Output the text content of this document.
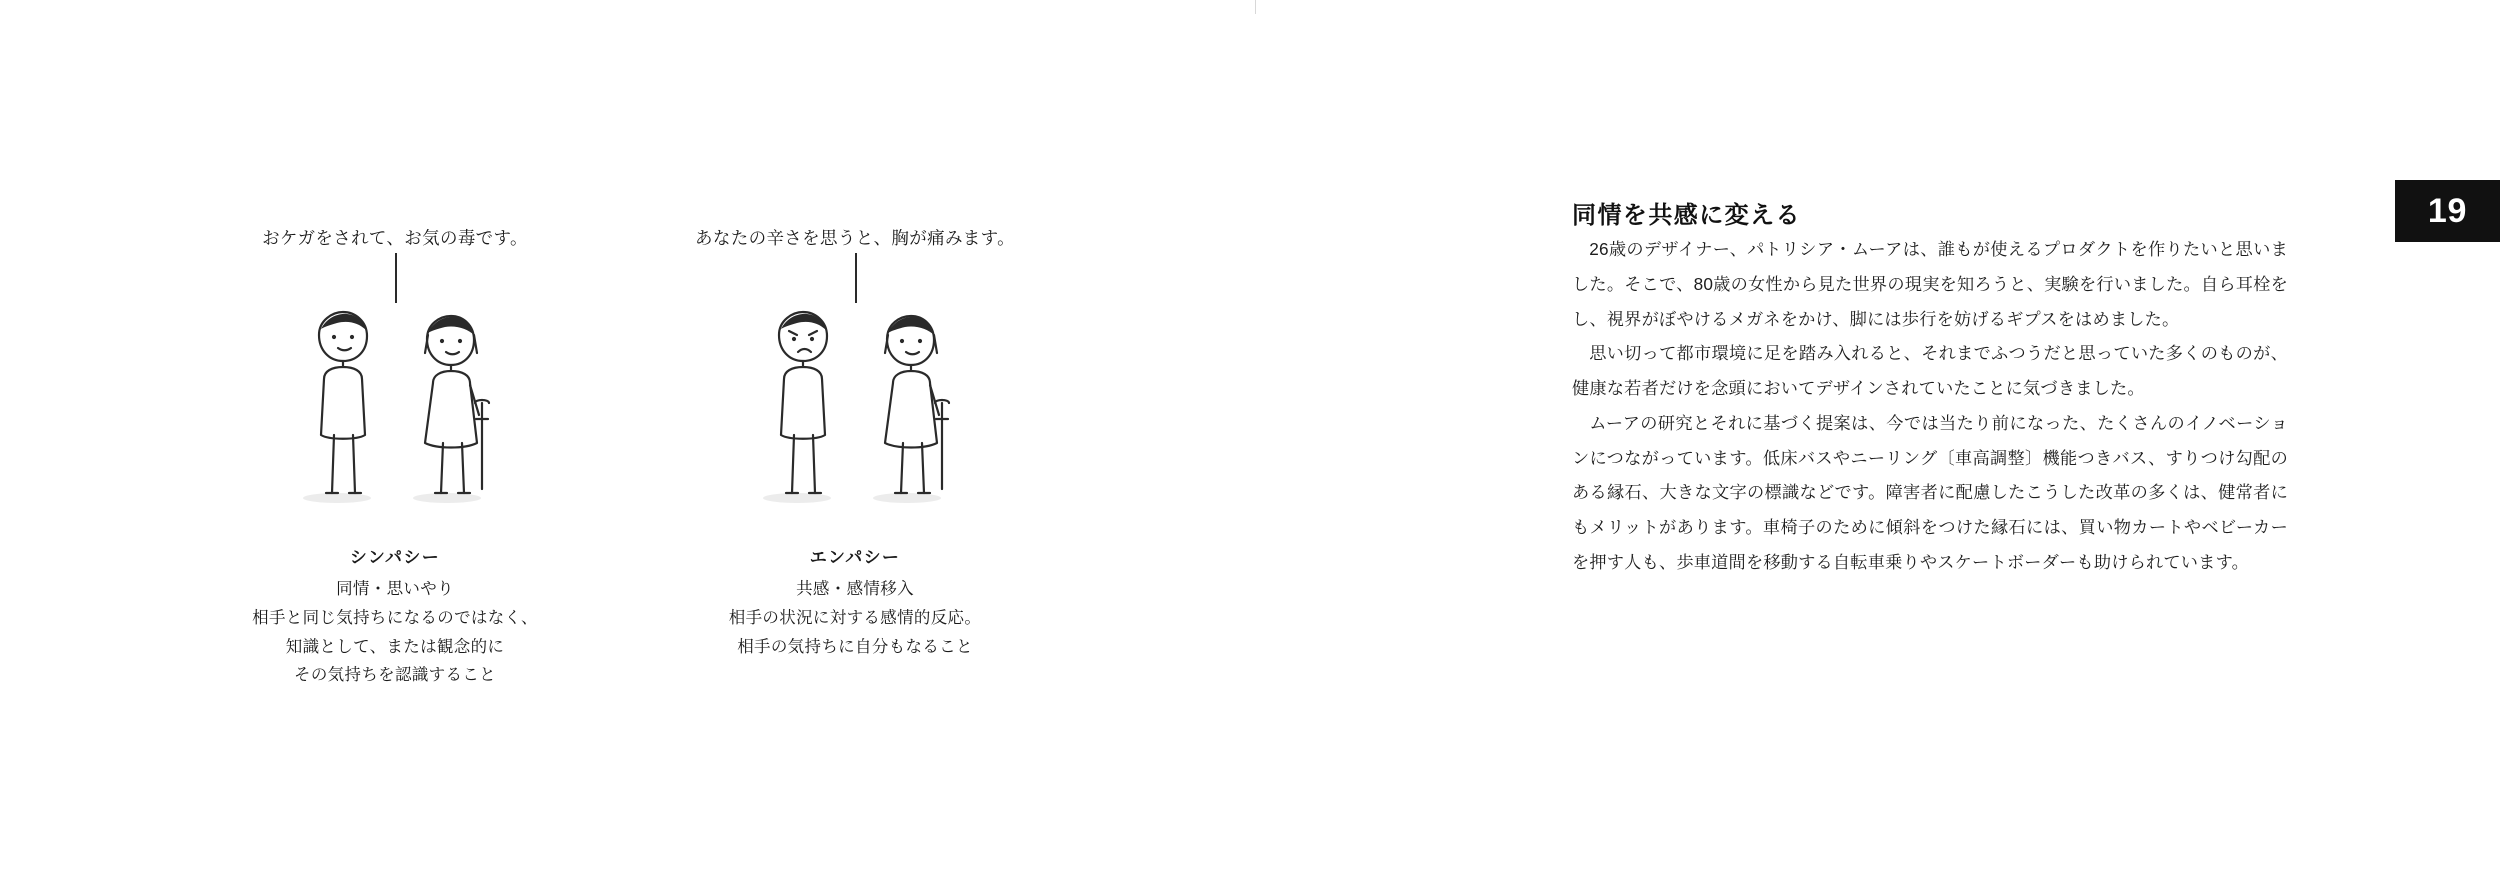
おケガをされて、お気の毒です。
シンパシー
同情・思いやり
相手と同じ気持ちになるのではなく、
知識として、または観念的に
その気持ちを認識すること
あなたの辛さを思うと、胸が痛みます。
エンパシー
共感・感情移入
相手の状況に対する感情的反応。
相手の気持ちに自分もなること
同情を共感に変える

26歳のデザイナー、パトリシア・ムーアは、誰もが使えるプロダクトを作りたいと思いました。そこで、80歳の女性から見た世界の現実を知ろうと、実験を行いました。自ら耳栓をし、視界がぼやけるメガネをかけ、脚には歩行を妨げるギプスをはめました。

思い切って都市環境に足を踏み入れると、それまでふつうだと思っていた多くのものが、健康な若者だけを念頭においてデザインされていたことに気づきました。

ムーアの研究とそれに基づく提案は、今では当たり前になった、たくさんのイノベーションにつながっています。低床バスやニーリング〔車高調整〕機能つきバス、すりつけ勾配のある縁石、大きな文字の標識などです。障害者に配慮したこうした改革の多くは、健常者にもメリットがあります。車椅子のために傾斜をつけた縁石には、買い物カートやベビーカーを押す人も、歩車道間を移動する自転車乗りやスケートボーダーも助けられています。

19
